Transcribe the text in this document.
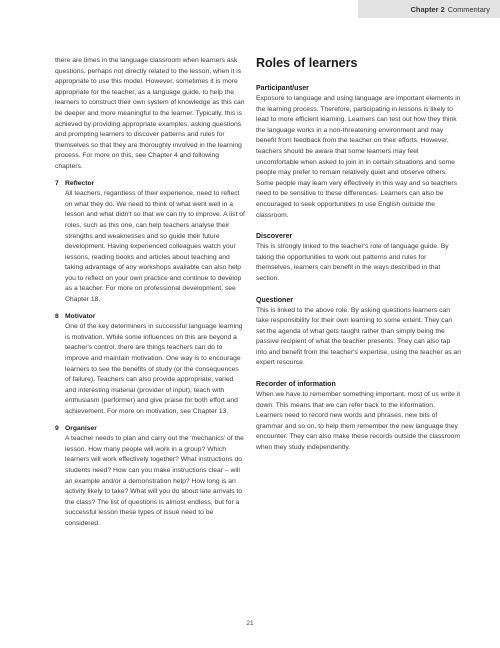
Chapter 2 Commentary

there are times in the language classroom when learners ask questions, perhaps not directly related to the lesson, when it is appropriate to use this model. However, sometimes it is more appropriate for the teacher, as a language guide, to help the learners to construct their own system of knowledge as this can be deeper and more meaningful to the learner. Typically, this is achieved by providing appropriate examples, asking questions and prompting learners to discover patterns and rules for themselves so that they are thoroughly involved in the learning process. For more on this, see Chapter 4 and following chapters.

7 Reflector

All teachers, regardless of their experience, need to reflect on what they do. We need to think of what went well in a lesson and what didn't so that we can try to improve. A list of roles, such as this one, can help teachers analyse their strengths and weaknesses and so guide their future development. Having experienced colleagues watch your lessons, reading books and articles about teaching and taking advantage of any workshops available can also help you to reflect on your own practice and continue to develop as a teacher. For more on professional development, see Chapter 18.

8 Motivator

One of the key determiners in successful language learning is motivation. While some influences on this are beyond a teacher's control, there are things teachers can do to improve and maintain motivation. One way is to encourage learners to see the benefits of study (or the consequences of failure). Teachers can also provide appropriate, varied and interesting material (provider of input), teach with enthusiasm (performer) and give praise for both effort and achievement. For more on motivation, see Chapter 13.

9 Organiser

A teacher needs to plan and carry out the 'mechanics' of the lesson. How many people will work in a group? Which learners will work effectively together? What instructions do students need? How can you make instructions clear – will an example and/or a demonstration help? How long is an activity likely to take? What will you do about late arrivals to the class? The list of questions is almost endless, but for a successful lesson these types of issue need to be considered.

Roles of learners
Participant/user

Exposure to language and using language are important elements in the learning process. Therefore, participating in lessons is likely to lead to more efficient learning. Learners can test out how they think the language works in a non-threatening environment and may benefit from feedback from the teacher on their efforts. However, teachers should be aware that some learners may feel uncomfortable when asked to join in in certain situations and some people may prefer to remain relatively quiet and observe others. Some people may learn very effectively in this way and so teachers need to be sensitive to these differences. Learners can also be encouraged to seek opportunities to use English outside the classroom.

Discoverer

This is strongly linked to the teacher's role of language guide. By taking the opportunities to work out patterns and rules for themselves, learners can benefit in the ways described in that section.

Questioner

This is linked to the above role. By asking questions learners can take responsibility for their own learning to some extent. They can set the agenda of what gets taught rather than simply being the passive recipient of what the teacher presents. They can also tap into and benefit from the teacher's expertise, using the teacher as an expert resource.

Recorder of information

When we have to remember something important, most of us write it down. This means that we can refer back to the information. Learners need to record new words and phrases, new bits of grammar and so on, to help them remember the new language they encounter. They can also make these records outside the classroom when they study independently.

21
